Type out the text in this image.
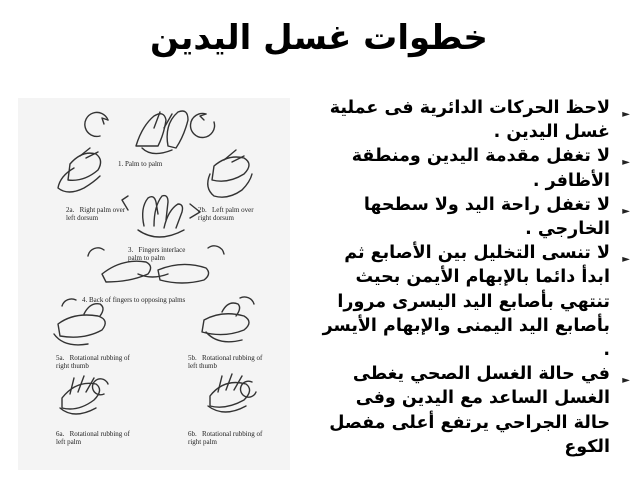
خطوات غسل اليدين
1. Palm to palm
2a.   Right palm over
left dorsum
2b.   Left palm over
right dorsum
3.   Fingers interlace
palm to palm
4. Back of fingers to opposing palms
5a.   Rotational rubbing of
right thumb
5b.   Rotational rubbing of
left thumb
6a.   Rotational rubbing of
left palm
6b.   Rotational rubbing of
right palm
►
لاحظ الحركات الدائرية فى عملية غسل اليدين .
►
لا تغفل مقدمة اليدين ومنطقة الأظافر .
►
لا تغفل راحة اليد ولا سطحها الخارجي .
►
لا تنسى التخليل بين الأصابع ثم ابدأ دائما بالإبهام الأيمن بحيث تنتهي بأصابع اليد اليسرى مرورا بأصابع اليد اليمنى والإبهام الأيسر .
►
في حالة الغسل الصحي يغطى الغسل الساعد مع اليدين وفى حالة الجراحي يرتفع أعلى مفصل الكوع
